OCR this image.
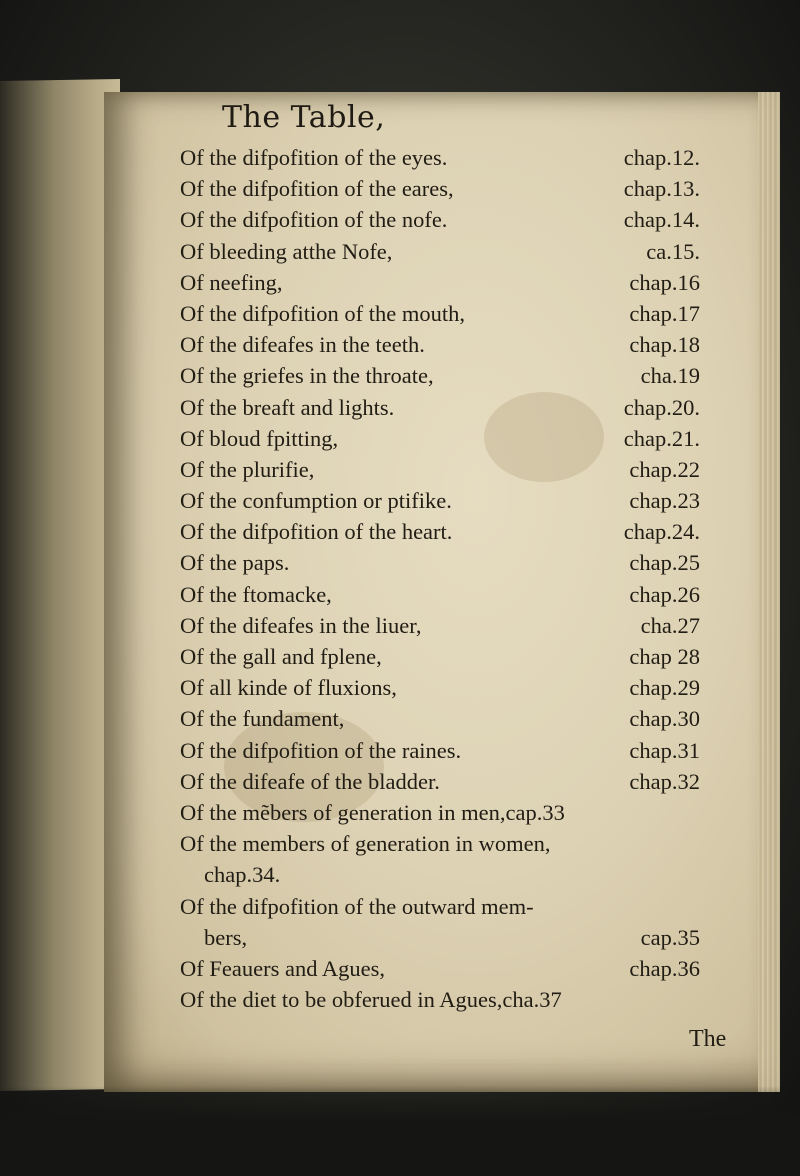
The Table,
Of the difpofition of the eyes.	chap.12.
Of the difpofition of the eares,	chap.13.
Of the difpofition of the nofe.	chap.14.
Of bleeding atthe Nofe,	ca.15.
Of neefing,	chap.16
Of the difpofition of the mouth,	chap.17
Of the difeafes in the teeth.	chap.18
Of the griefes in the throate,	cha.19
Of the breaft and lights.	chap.20.
Of bloud fpitting,	chap.21.
Of the plurifie,	chap.22
Of the confumption or ptifike.	chap.23
Of the difpofition of the heart.	chap.24.
Of the paps.	chap.25
Of the ftomacke,	chap.26
Of the difeafes in the liuer,	cha.27
Of the gall and fplene,	chap 28
Of all kinde of fluxions,	chap.29
Of the fundament,	chap.30
Of the difpofition of the raines.	chap.31
Of the difeafe of the bladder.	chap.32
Of the mẽbers of generation in men,cap.33
Of the members of generation in women,
chap.34.
Of the difpofition of the outward mem-
bers,	cap.35
Of Feauers and Agues,	chap.36
Of the diet to be obferued in Agues,cha.37
The
